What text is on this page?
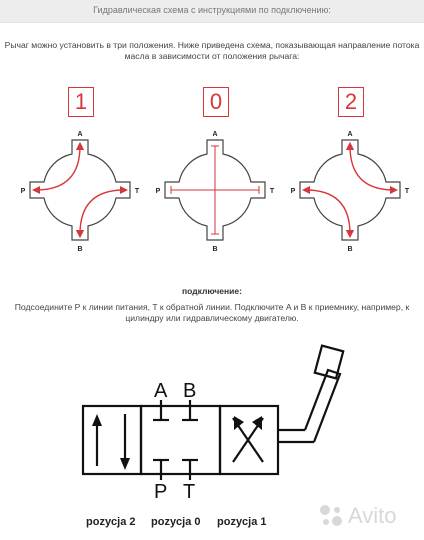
Гидравлическая схема с инструкциями по подключению:
Рычаг можно установить в три положения. Ниже приведена схема, показывающая направление потока масла в зависимости от положения рычага:
1	0	2
A
B
P	T
A
B
P	T
A
B
P	T
подключение:
Подсоедините P к линии питания, T к обратной линии. Подключите A и B к приемнику, например, к цилиндру или гидравлическому двигателю.
A B
P T
pozycja 2 pozycja 0 pozycja 1	Avito
